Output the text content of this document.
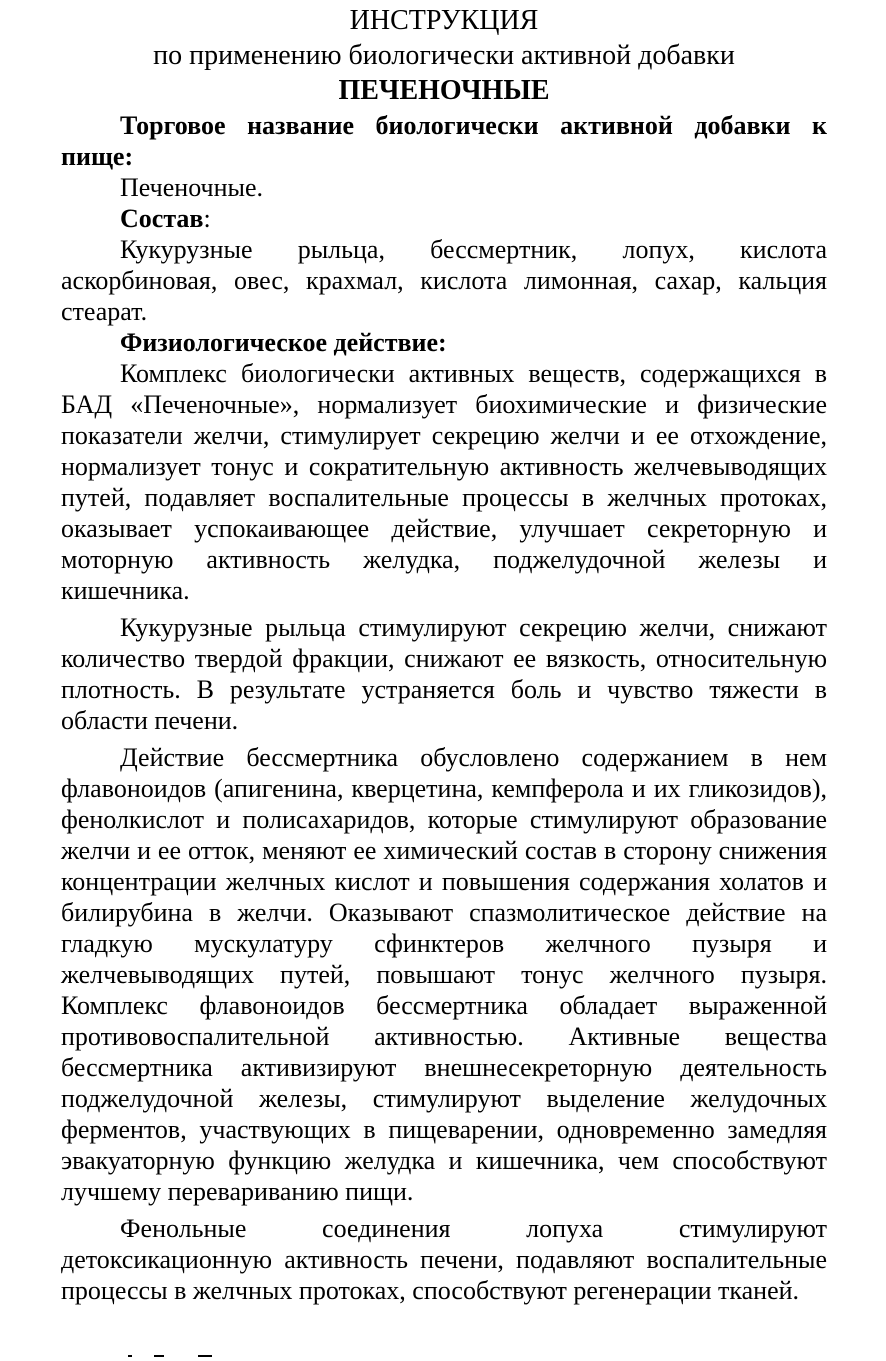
ИНСТРУКЦИЯ
по применению биологически активной добавки
ПЕЧЕНОЧНЫЕ

Торговое название биологически активной добавки к пище:

Печеночные.

Состав:

Кукурузные рыльца, бессмертник, лопух, кислота аскорбиновая, овес, крахмал, кислота лимонная, сахар, кальция стеарат.

Физиологическое действие:

Комплекс биологически активных веществ, содержащихся в БАД «Печеночные», нормализует биохимические и физические показатели желчи, стимулирует секрецию желчи и ее отхождение, нормализует тонус и сократительную активность желчевыводящих путей, подавляет воспалительные процессы в желчных протоках, оказывает успокаивающее действие, улучшает секреторную и моторную активность желудка, поджелудочной железы и кишечника.

Кукурузные рыльца стимулируют секрецию желчи, снижают количество твердой фракции, снижают ее вязкость, относительную плотность. В результате устраняется боль и чувство тяжести в области печени.

Действие бессмертника обусловлено содержанием в нем флавоноидов (апигенина, кверцетина, кемпферола и их гликозидов), фенолкислот и полисахаридов, которые стимулируют образование желчи и ее отток, меняют ее химический состав в сторону снижения концентрации желчных кислот и повышения содержания холатов и билирубина в желчи. Оказывают спазмолитическое действие на гладкую мускулатуру сфинктеров желчного пузыря и желчевыводящих путей, повышают тонус желчного пузыря. Комплекс флавоноидов бессмертника обладает выраженной противовоспалительной активностью. Активные вещества бессмертника активизируют внешнесекреторную деятельность поджелудочной железы, стимулируют выделение желудочных ферментов, участвующих в пищеварении, одновременно замедляя эвакуаторную функцию желудка и кишечника, чем способствуют лучшему перевариванию пищи.

Фенольные соединения лопуха стимулируют детоксикационную активность печени, подавляют воспалительные процессы в желчных протоках, способствуют регенерации тканей.
